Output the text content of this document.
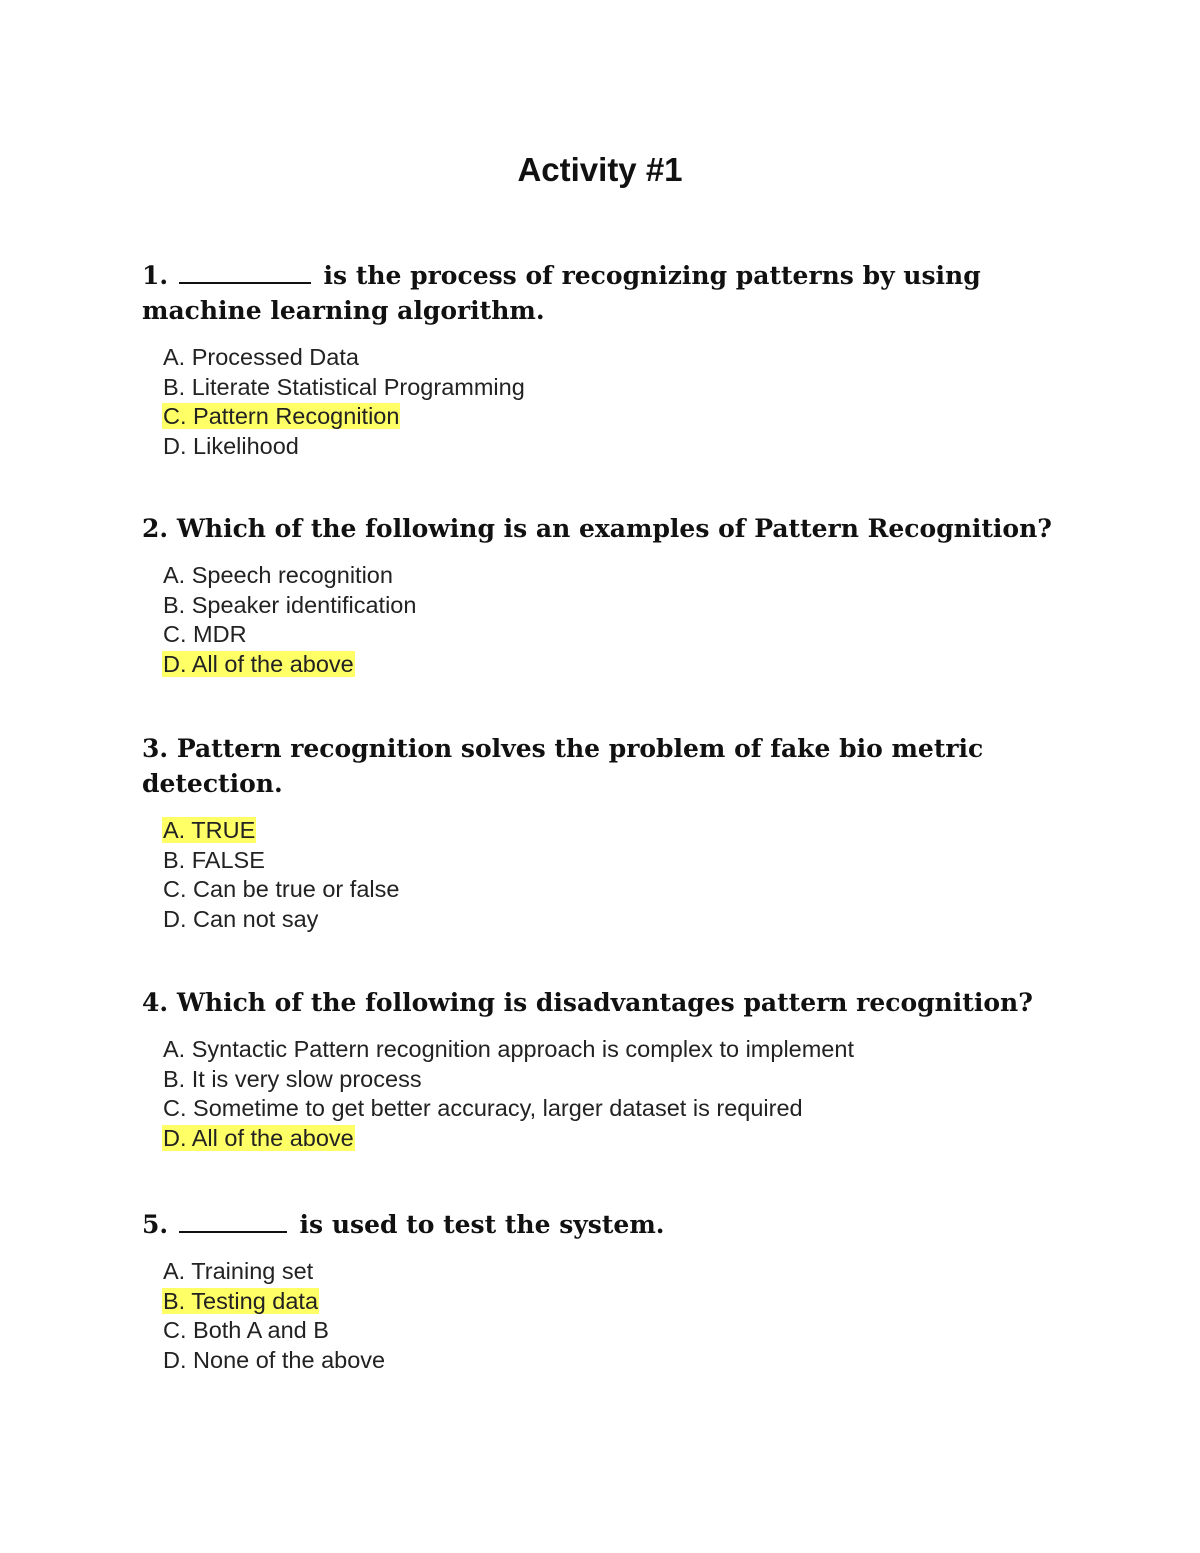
Activity #1

1.	is the process of recognizing patterns by using machine learning algorithm.

A. Processed Data
B. Literate Statistical Programming
C. Pattern Recognition
D. Likelihood

2. Which of the following is an examples of Pattern Recognition?

A. Speech recognition
B. Speaker identification
C. MDR
D. All of the above

3. Pattern recognition solves the problem of fake bio metric detection.

A. TRUE
B. FALSE
C. Can be true or false
D. Can not say

4. Which of the following is disadvantages pattern recognition?

A. Syntactic Pattern recognition approach is complex to implement
B. It is very slow process
C. Sometime to get better accuracy, larger dataset is required
D. All of the above

5.	is used to test the system.

A. Training set
B. Testing data
C. Both A and B
D. None of the above
